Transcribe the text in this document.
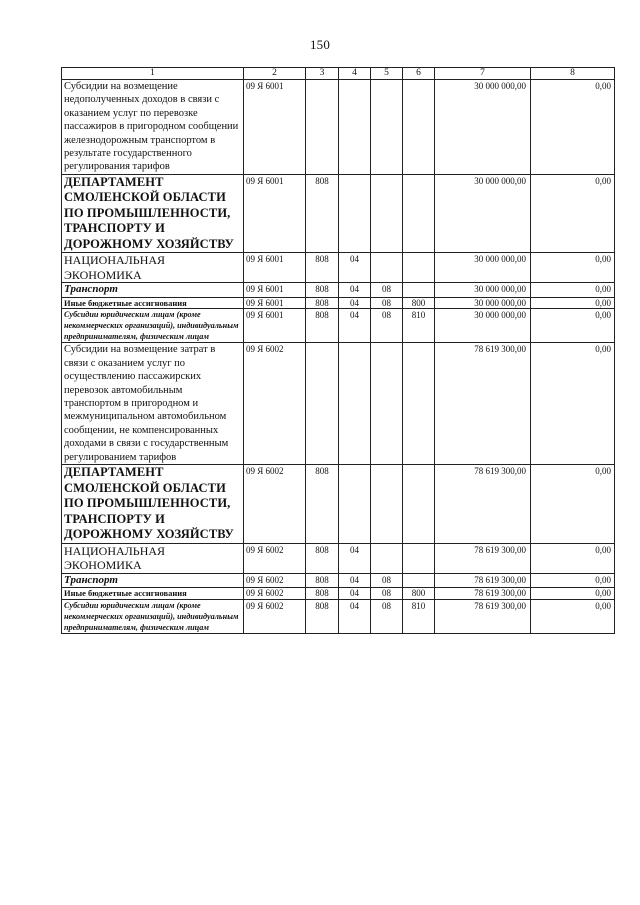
150
1	2	3	4	5	6	7	8
Субсидии на возмещение недополученных доходов в связи с оказанием услуг по перевозке пассажиров в пригородном сообщении железнодорожным транспортом в результате государственного регулирования тарифов	09 Я 6001					30 000 000,00	0,00
ДЕПАРТАМЕНТ СМОЛЕНСКОЙ ОБЛАСТИ ПО ПРОМЫШЛЕННОСТИ, ТРАНСПОРТУ И ДОРОЖНОМУ ХОЗЯЙСТВУ	09 Я 6001	808				30 000 000,00	0,00
НАЦИОНАЛЬНАЯ ЭКОНОМИКА	09 Я 6001	808	04			30 000 000,00	0,00
Транспорт	09 Я 6001	808	04	08		30 000 000,00	0,00
Иные бюджетные ассигнования	09 Я 6001	808	04	08	800	30 000 000,00	0,00
Субсидии юридическим лицам (кроме некоммерческих организаций), индивидуальным предпринимателям, физическим лицам	09 Я 6001	808	04	08	810	30 000 000,00	0,00
Субсидии на возмещение затрат в связи с оказанием услуг по осуществлению пассажирских перевозок автомобильным транспортом в пригородном и межмуниципальном автомобильном сообщении, не компенсированных доходами в связи с государственным регулированием тарифов	09 Я 6002					78 619 300,00	0,00
ДЕПАРТАМЕНТ СМОЛЕНСКОЙ ОБЛАСТИ ПО ПРОМЫШЛЕННОСТИ, ТРАНСПОРТУ И ДОРОЖНОМУ ХОЗЯЙСТВУ	09 Я 6002	808				78 619 300,00	0,00
НАЦИОНАЛЬНАЯ ЭКОНОМИКА	09 Я 6002	808	04			78 619 300,00	0,00
Транспорт	09 Я 6002	808	04	08		78 619 300,00	0,00
Иные бюджетные ассигнования	09 Я 6002	808	04	08	800	78 619 300,00	0,00
Субсидии юридическим лицам (кроме некоммерческих организаций), индивидуальным предпринимателям, физическим лицам	09 Я 6002	808	04	08	810	78 619 300,00	0,00
